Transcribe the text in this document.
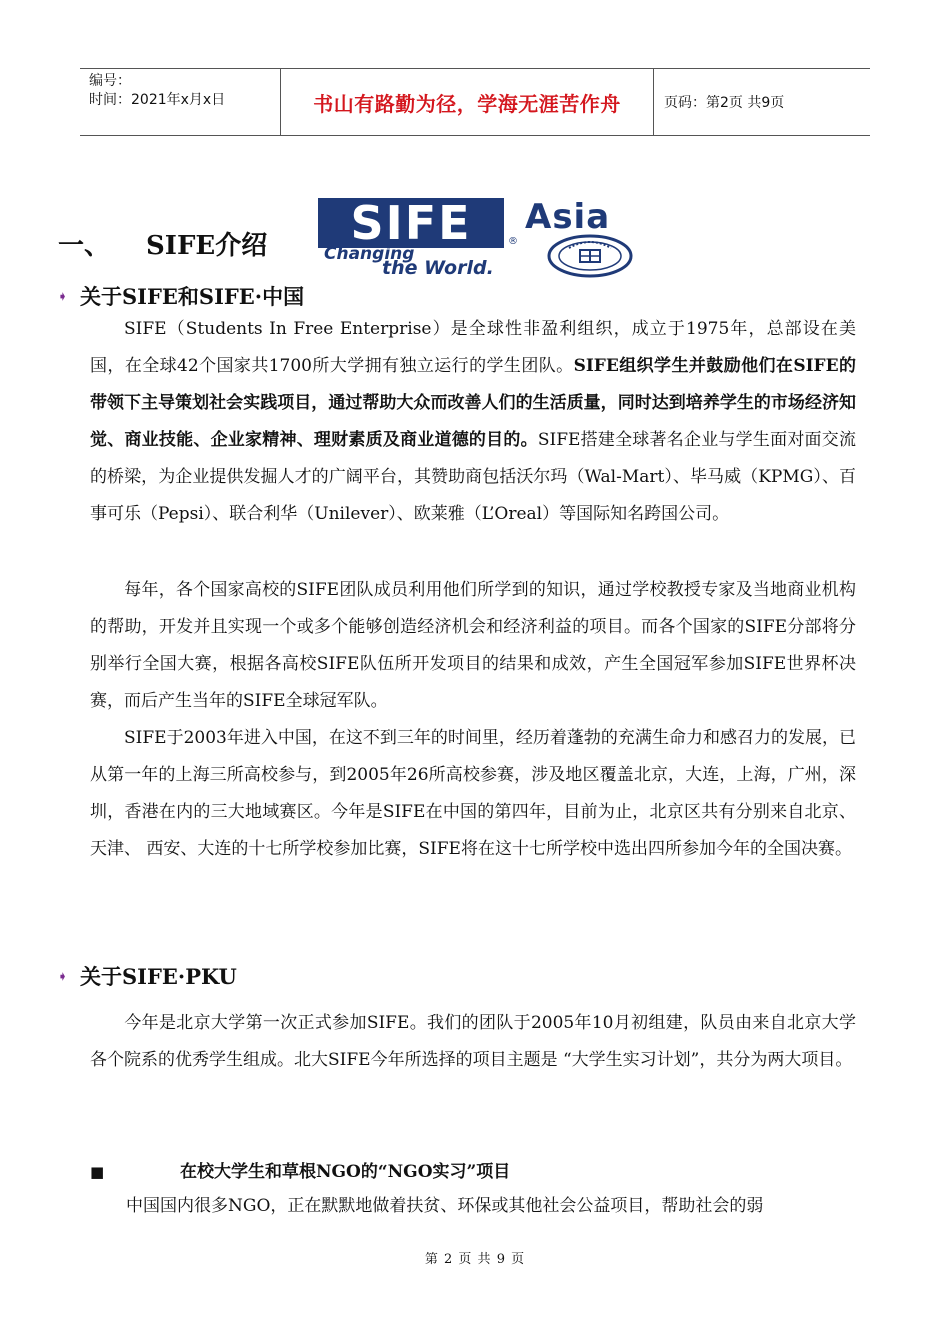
编号：
时间：2021年x月x日	书山有路勤为径，学海无涯苦作舟	页码：第2页 共9页
一、 SIFE介绍	SIFE	®
Changing
the World.
Asia
➧ 关于SIFE和SIFE·中国
SIFE（Students In Free Enterprise）是全球性非盈利组织，成立于1975年，总部设在美国，在全球42个国家共1700所大学拥有独立运行的学生团队。SIFE组织学生并鼓励他们在SIFE的带领下主导策划社会实践项目，通过帮助大众而改善人们的生活质量，同时达到培养学生的市场经济知觉、商业技能、企业家精神、理财素质及商业道德的目的。SIFE搭建全球著名企业与学生面对面交流的桥梁，为企业提供发掘人才的广阔平台，其赞助商包括沃尔玛（Wal-Mart）、毕马威（KPMG）、百事可乐（Pepsi）、联合利华（Unilever）、欧莱雅（L’Oreal）等国际知名跨国公司。
每年，各个国家高校的SIFE团队成员利用他们所学到的知识，通过学校教授专家及当地商业机构的帮助，开发并且实现一个或多个能够创造经济机会和经济利益的项目。而各个国家的SIFE分部将分别举行全国大赛，根据各高校SIFE队伍所开发项目的结果和成效，产生全国冠军参加SIFE世界杯决赛，而后产生当年的SIFE全球冠军队。
SIFE于2003年进入中国，在这不到三年的时间里，经历着蓬勃的充满生命力和感召力的发展，已从第一年的上海三所高校参与，到2005年26所高校参赛，涉及地区覆盖北京，大连，上海，广州，深圳，香港在内的三大地域赛区。今年是SIFE在中国的第四年，目前为止，北京区共有分别来自北京、天津、 西安、大连的十七所学校参加比赛，SIFE将在这十七所学校中选出四所参加今年的全国决赛。
➧ 关于SIFE·PKU
今年是北京大学第一次正式参加SIFE。我们的团队于2005年10月初组建，队员由来自北京大学各个院系的优秀学生组成。北大SIFE今年所选择的项目主题是 “大学生实习计划”，共分为两大项目。
■	在校大学生和草根NGO的“NGO实习”项目
中国国内很多NGO，正在默默地做着扶贫、环保或其他社会公益项目，帮助社会的弱
第 2 页 共 9 页
